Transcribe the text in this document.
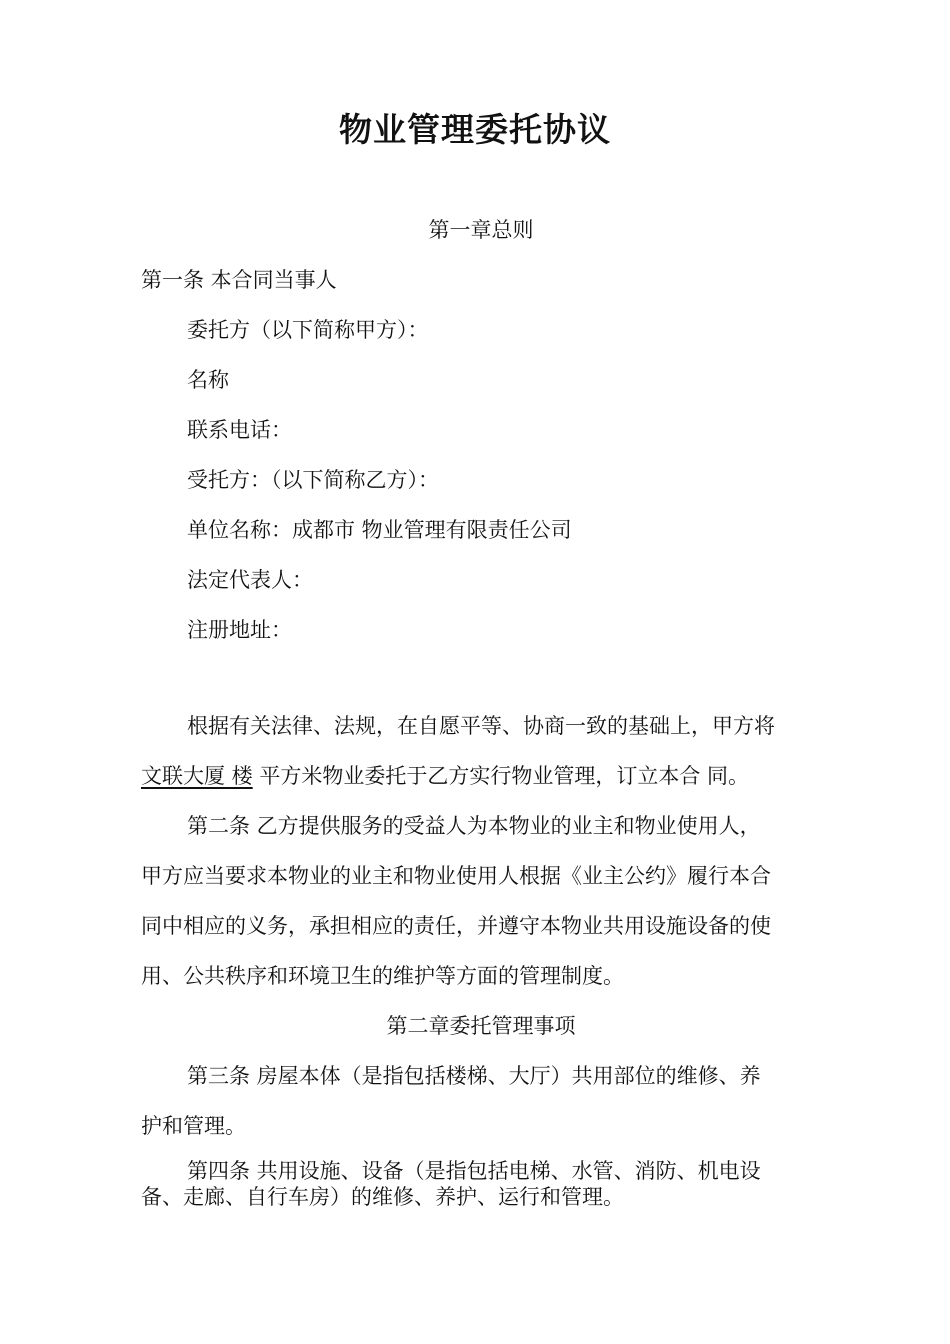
物业管理委托协议
第一章总则
第一条 本合同当事人
委托方（以下简称甲方）：
名称
联系电话：
受托方：（以下简称乙方）：
单位名称：成都市 物业管理有限责任公司
法定代表人：
注册地址：
根据有关法律、法规，在自愿平等、协商一致的基础上，甲方将
文联大厦 楼 平方米物业委托于乙方实行物业管理，订立本合 同。
第二条 乙方提供服务的受益人为本物业的业主和物业使用人，
甲方应当要求本物业的业主和物业使用人根据《业主公约》履行本合
同中相应的义务，承担相应的责任，并遵守本物业共用设施设备的使
用、公共秩序和环境卫生的维护等方面的管理制度。
第二章委托管理事项
第三条 房屋本体（是指包括楼梯、大厅）共用部位的维修、养
护和管理。
第四条 共用设施、设备（是指包括电梯、水管、消防、机电设
备、走廊、自行车房）的维修、养护、运行和管理。
